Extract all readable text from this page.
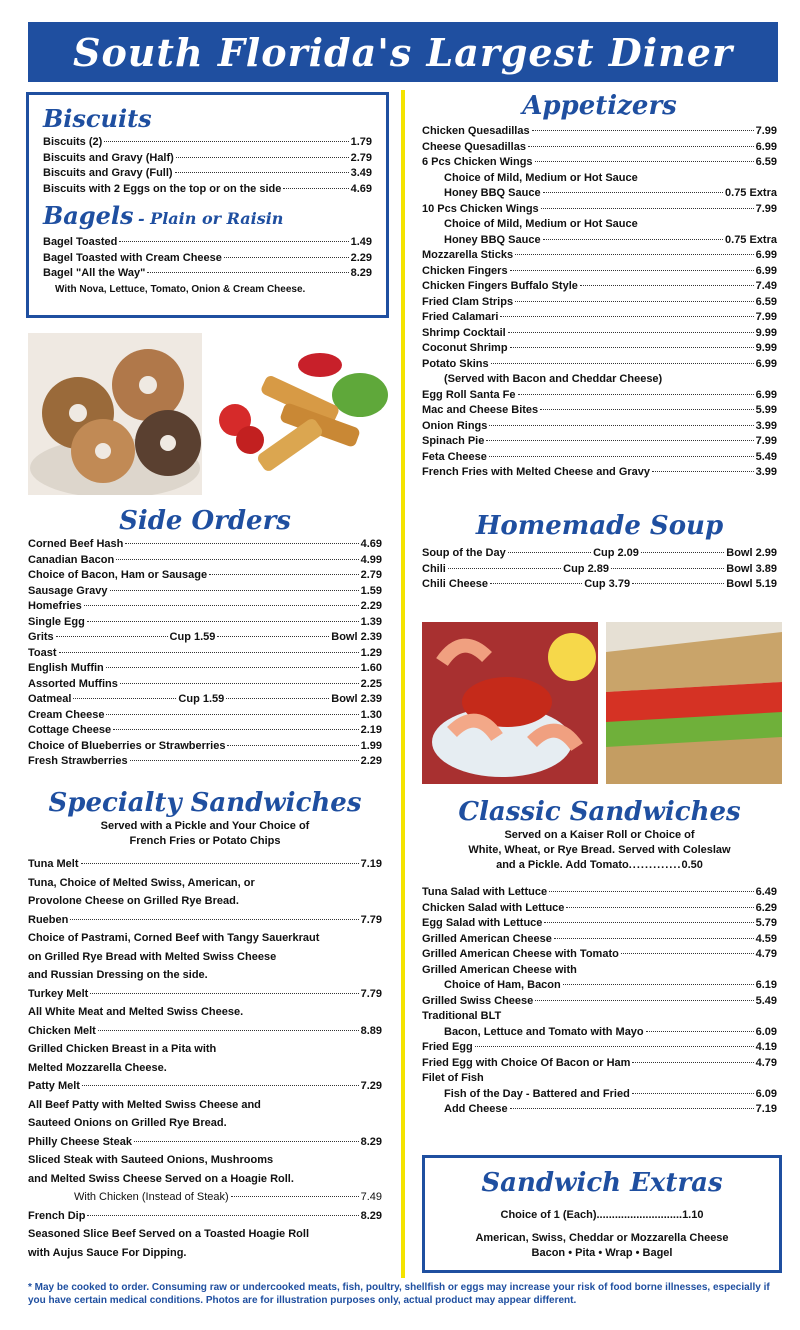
South Florida's Largest Diner
Biscuits
Biscuits (2)	1.79
Biscuits and Gravy (Half)	2.79
Biscuits and Gravy (Full)	3.49
Biscuits with 2 Eggs on the top or on the side	4.69
Bagels - Plain or Raisin
Bagel Toasted	1.49
Bagel Toasted with Cream Cheese	2.29
Bagel "All the Way"	8.29
With Nova, Lettuce, Tomato, Onion & Cream Cheese.
Side Orders
Corned Beef Hash	4.69
Canadian Bacon	4.99
Choice of Bacon, Ham or Sausage	2.79
Sausage Gravy	1.59
Homefries	2.29
Single Egg	1.39
Grits	Cup 1.59	Bowl 2.39
Toast	1.29
English Muffin	1.60
Assorted Muffins	2.25
Oatmeal	Cup 1.59	Bowl 2.39
Cream Cheese	1.30
Cottage Cheese	2.19
Choice of Blueberries or Strawberries	1.99
Fresh Strawberries	2.29
Specialty Sandwiches
Served with a Pickle and Your Choice of
French Fries or Potato Chips
Tuna Melt	7.19
Tuna, Choice of Melted Swiss, American, or
Provolone Cheese on Grilled Rye Bread.
Rueben	7.79
Choice of Pastrami, Corned Beef with Tangy Sauerkraut
on Grilled Rye Bread with Melted Swiss Cheese
and Russian Dressing on the side.
Turkey Melt	7.79
All White Meat and Melted Swiss Cheese.
Chicken Melt	8.89
Grilled Chicken Breast in a Pita with
Melted Mozzarella Cheese.
Patty Melt	7.29
All Beef Patty with Melted Swiss Cheese and
Sauteed Onions on Grilled Rye Bread.
Philly Cheese Steak	8.29
Sliced Steak with Sauteed Onions, Mushrooms
and Melted Swiss Cheese Served on a Hoagie Roll.
With Chicken (Instead of Steak)	7.49
French Dip	8.29
Seasoned Slice Beef Served on a Toasted Hoagie Roll
with Aujus Sauce For Dipping.
Appetizers
Chicken Quesadillas	7.99
Cheese Quesadillas	6.99
6 Pcs Chicken Wings	6.59
Choice of Mild, Medium or Hot Sauce
Honey BBQ Sauce	0.75 Extra
10 Pcs Chicken Wings	7.99
Choice of Mild, Medium or Hot Sauce
Honey BBQ Sauce	0.75 Extra
Mozzarella Sticks	6.99
Chicken Fingers	6.99
Chicken Fingers Buffalo Style	7.49
Fried Clam Strips	6.59
Fried Calamari	7.99
Shrimp Cocktail	9.99
Coconut Shrimp	9.99
Potato Skins	6.99
(Served with Bacon and Cheddar Cheese)
Egg Roll Santa Fe	6.99
Mac and Cheese Bites	5.99
Onion Rings	3.99
Spinach Pie	7.99
Feta Cheese	5.49
French Fries with Melted Cheese and Gravy	3.99
Homemade Soup
Soup of the Day	Cup 2.09	Bowl 2.99
Chili	Cup 2.89	Bowl 3.89
Chili Cheese	Cup 3.79	Bowl 5.19
Classic Sandwiches
Served on a Kaiser Roll or Choice of
White, Wheat, or Rye Bread. Served with Coleslaw
and a Pickle. Add Tomato.............0.50
Tuna Salad with Lettuce	6.49
Chicken Salad with Lettuce	6.29
Egg Salad with Lettuce	5.79
Grilled American Cheese	4.59
Grilled American Cheese with Tomato	4.79
Grilled American Cheese with
Choice of Ham, Bacon	6.19
Grilled Swiss Cheese	5.49
Traditional BLT
Bacon, Lettuce and Tomato with Mayo	6.09
Fried Egg	4.19
Fried Egg with Choice Of Bacon or Ham	4.79
Filet of Fish
Fish of the Day - Battered and Fried	6.09
Add Cheese	7.19
Sandwich Extras
Choice of 1 (Each)............................1.10
American, Swiss, Cheddar or Mozzarella Cheese
Bacon • Pita • Wrap • Bagel
* May be cooked to order. Consuming raw or undercooked meats, fish, poultry, shellfish or eggs may increase your risk of food borne illnesses, especially if you have certain medical conditions. Photos are for illustration purposes only, actual product may appear different.
